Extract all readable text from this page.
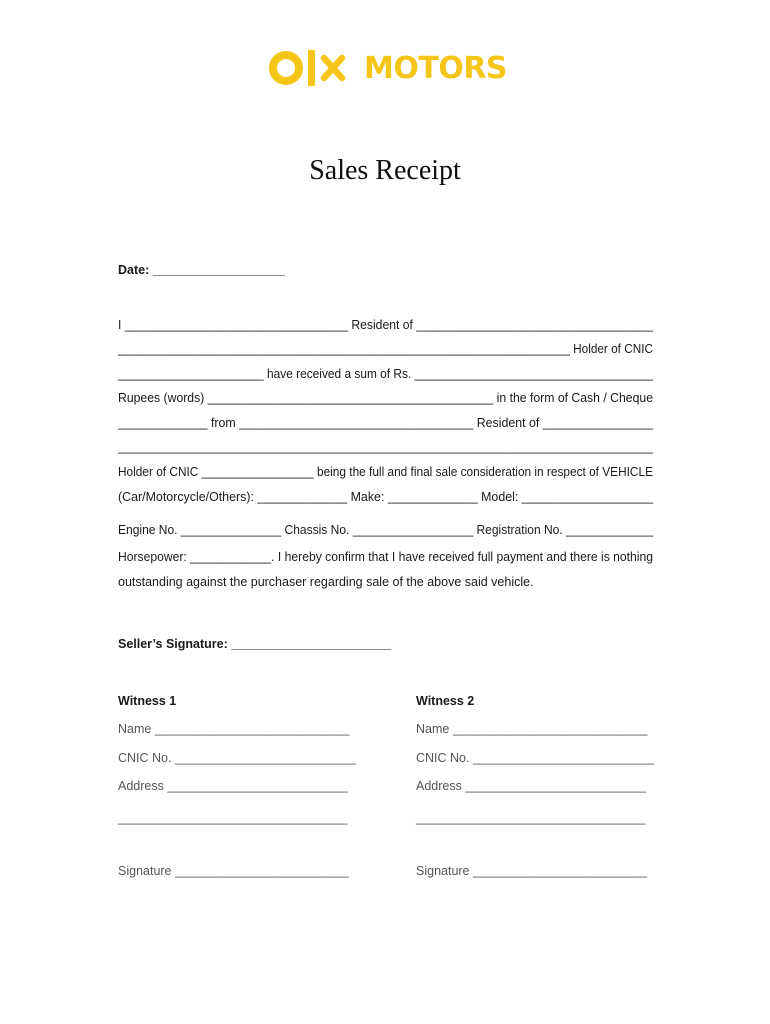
MOTORS
Sales Receipt
Date: ___________________
I _________________________________ Resident of ___________________________________
_____________________________________________________________________ Holder of CNIC
______________________ have received a sum of Rs. ____________________________________
Rupees (words) __________________________________________ in the form of Cash / Cheque
_____________ from __________________________________ Resident of ________________
___________________________________________________________________________________
Holder of CNIC _________________ being the full and final sale consideration in respect of VEHICLE
(Car/Motorcycle/Others): _____________ Make: _____________ Model: ___________________
Engine No. _______________ Chassis No. __________________ Registration No. _____________
Horsepower: ____________. I hereby confirm that I have received full payment and there is nothing
outstanding against the purchaser regarding sale of the above said vehicle.
Seller’s Signature: _______________________
Witness 1
Name ____________________________
CNIC No. __________________________
Address __________________________
_________________________________
Signature _________________________
Witness 2
Name ____________________________
CNIC No. __________________________
Address __________________________
_________________________________
Signature _________________________
